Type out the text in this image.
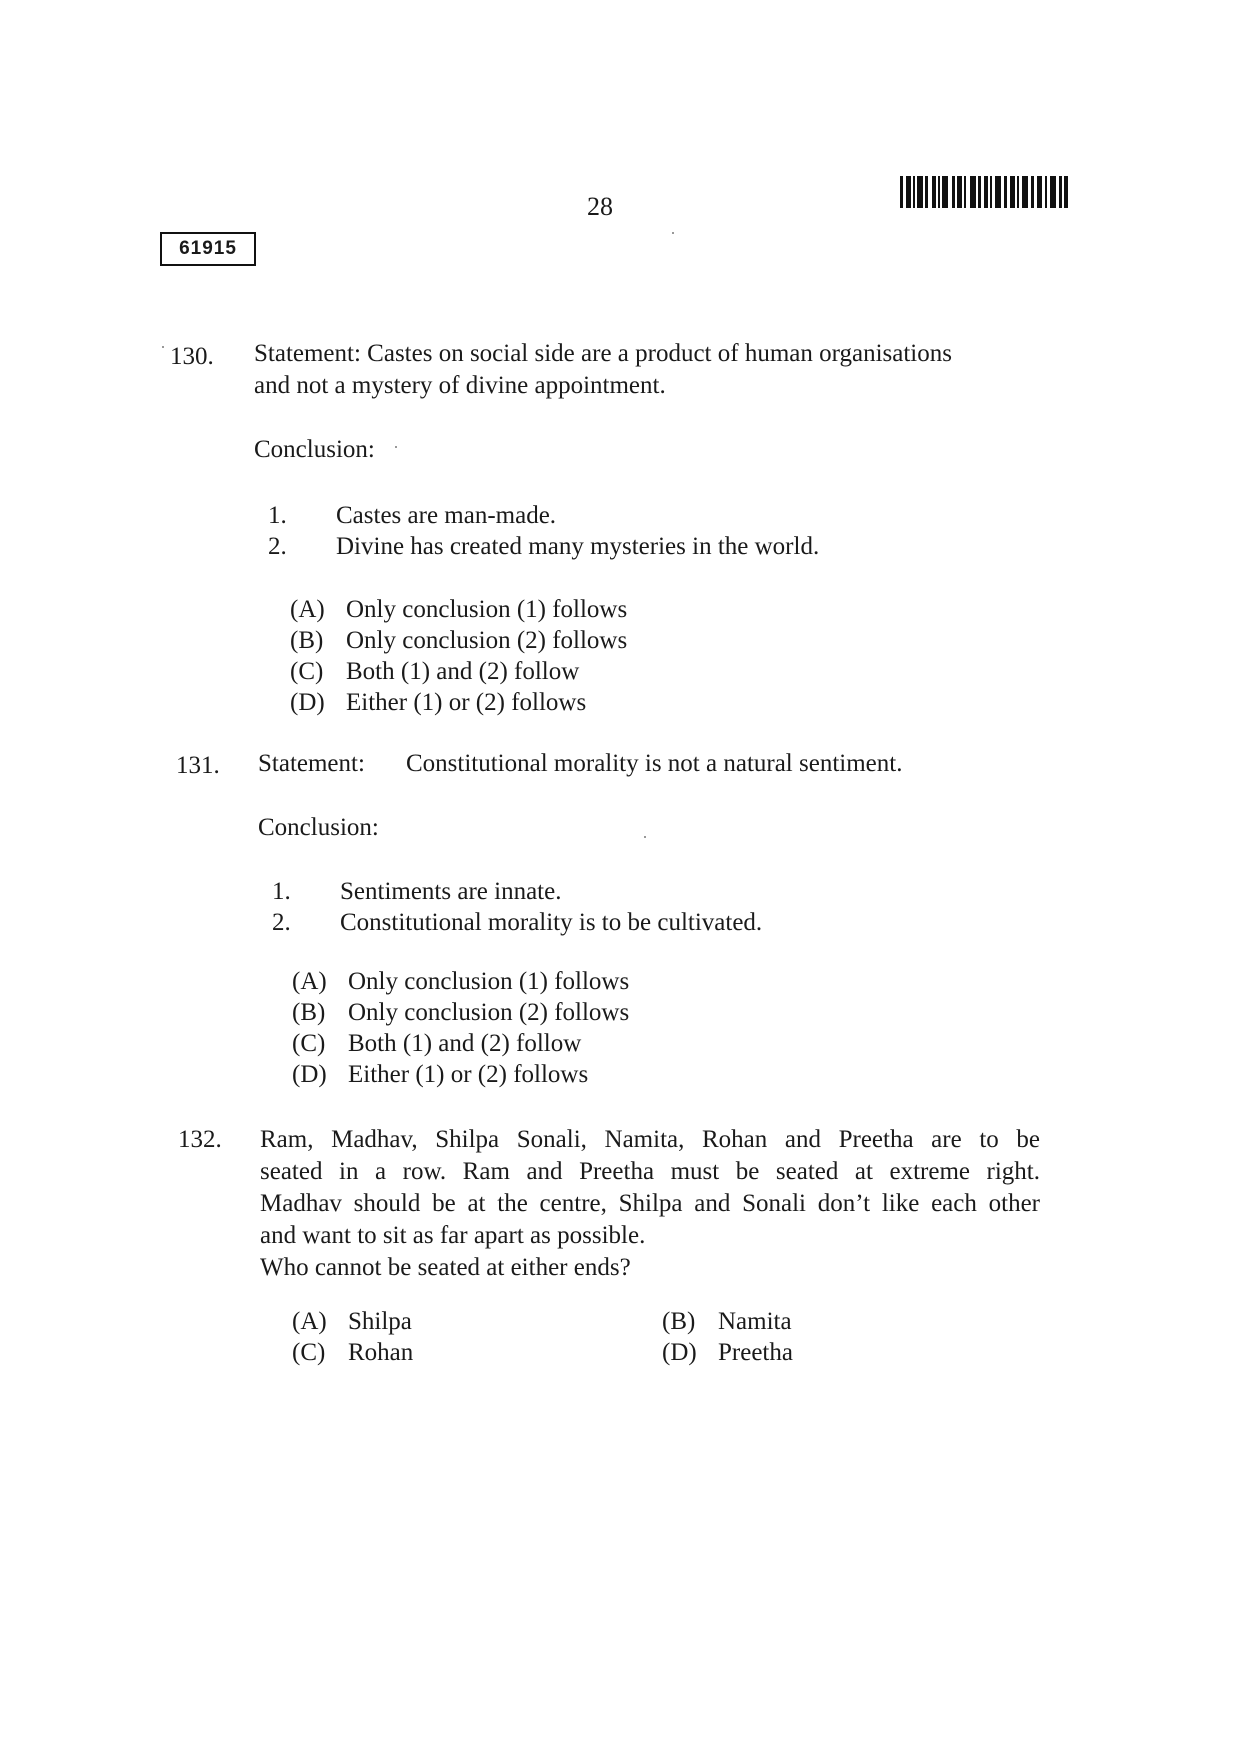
28
61915
130.	Statement: Castes on social side are a product of human organisations
and not a mystery of divine appointment.
Conclusion:
1. Castes are man-made.
2. Divine has created many mysteries in the world.
(A) Only conclusion (1) follows
(B) Only conclusion (2) follows
(C) Both (1) and (2) follow
(D) Either (1) or (2) follows
131.	Statement: Constitutional morality is not a natural sentiment.
Conclusion:
1. Sentiments are innate.
2. Constitutional morality is to be cultivated.
(A) Only conclusion (1) follows
(B) Only conclusion (2) follows
(C) Both (1) and (2) follow
(D) Either (1) or (2) follows
132.	Ram, Madhav, Shilpa Sonali, Namita, Rohan and Preetha are to be
seated in a row. Ram and Preetha must be seated at extreme right.
Madhav should be at the centre, Shilpa and Sonali don’t like each other
and want to sit as far apart as possible.
Who cannot be seated at either ends?
(A) Shilpa	(B) Namita
(C) Rohan	(D) Preetha
